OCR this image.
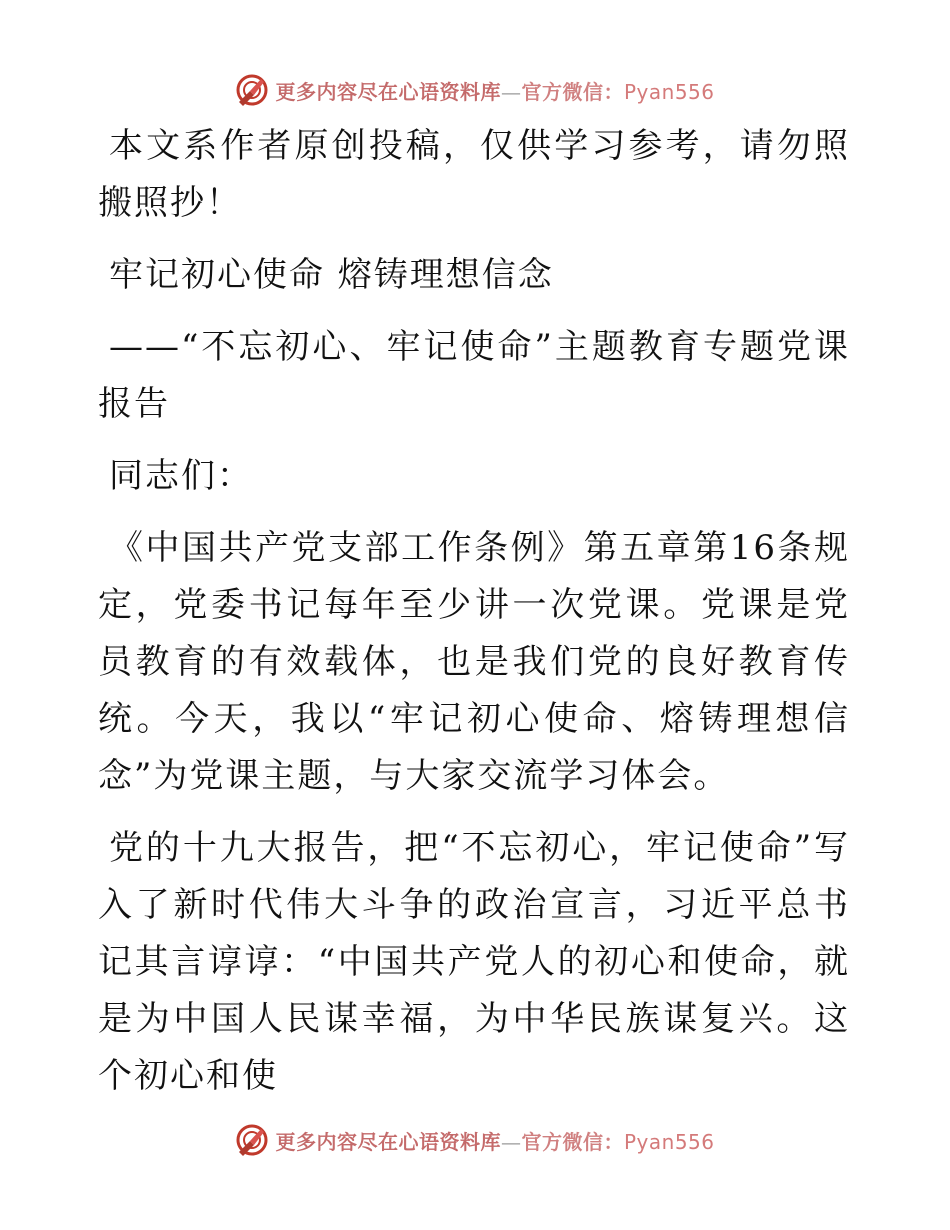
更多内容尽在心语资料库—官方微信：Pyan556

本文系作者原创投稿，仅供学习参考，请勿照搬照抄！

牢记初心使命 熔铸理想信念

——“不忘初心、牢记使命”主题教育专题党课报告

同志们：

《中国共产党支部工作条例》第五章第16条规定，党委书记每年至少讲一次党课。党课是党员教育的有效载体，也是我们党的良好教育传统。今天，我以“牢记初心使命、熔铸理想信念”为党课主题，与大家交流学习体会。

党的十九大报告，把“不忘初心，牢记使命”写入了新时代伟大斗争的政治宣言，习近平总书记其言谆谆：“中国共产党人的初心和使命，就是为中国人民谋幸福，为中华民族谋复兴。这个初心和使

更多内容尽在心语资料库—官方微信：Pyan556
